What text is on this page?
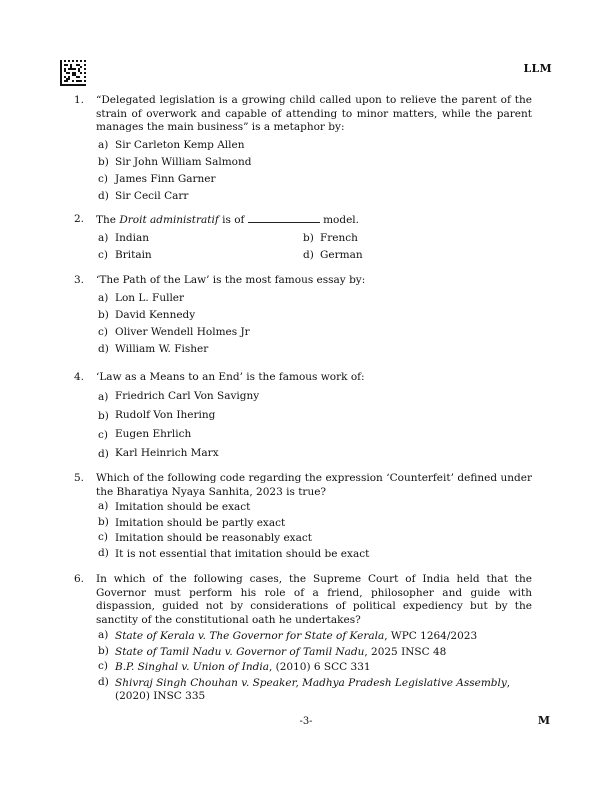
LLM
1.	“Delegated legislation is a growing child called upon to relieve the parent of the strain of overwork and capable of attending to minor matters, while the parent manages the main business” is a metaphor by:
a) Sir Carleton Kemp Allen
b) Sir John William Salmond
c) James Finn Garner
d) Sir Cecil Carr
2.	The Droit administratif is of	model.
a) Indian	b) French
c) Britain	d) German
3.	‘The Path of the Law’ is the most famous essay by:
a) Lon L. Fuller
b) David Kennedy
c) Oliver Wendell Holmes Jr
d) William W. Fisher
4.	‘Law as a Means to an End’ is the famous work of:
a) Friedrich Carl Von Savigny
b) Rudolf Von Ihering
c) Eugen Ehrlich
d) Karl Heinrich Marx
5.	Which of the following code regarding the expression ‘Counterfeit’ defined under the Bharatiya Nyaya Sanhita, 2023 is true?
a) Imitation should be exact
b) Imitation should be partly exact
c) Imitation should be reasonably exact
d) It is not essential that imitation should be exact
6.	In which of the following cases, the Supreme Court of India held that the Governor must perform his role of a friend, philosopher and guide with dispassion, guided not by considerations of political expediency but by the sanctity of the constitutional oath he undertakes?
a) State of Kerala v. The Governor for State of Kerala, WPC 1264/2023
b) State of Tamil Nadu v. Governor of Tamil Nadu, 2025 INSC 48
c) B.P. Singhal v. Union of India, (2010) 6 SCC 331
d) Shivraj Singh Chouhan v. Speaker, Madhya Pradesh Legislative Assembly, (2020) INSC 335
-3-	M
